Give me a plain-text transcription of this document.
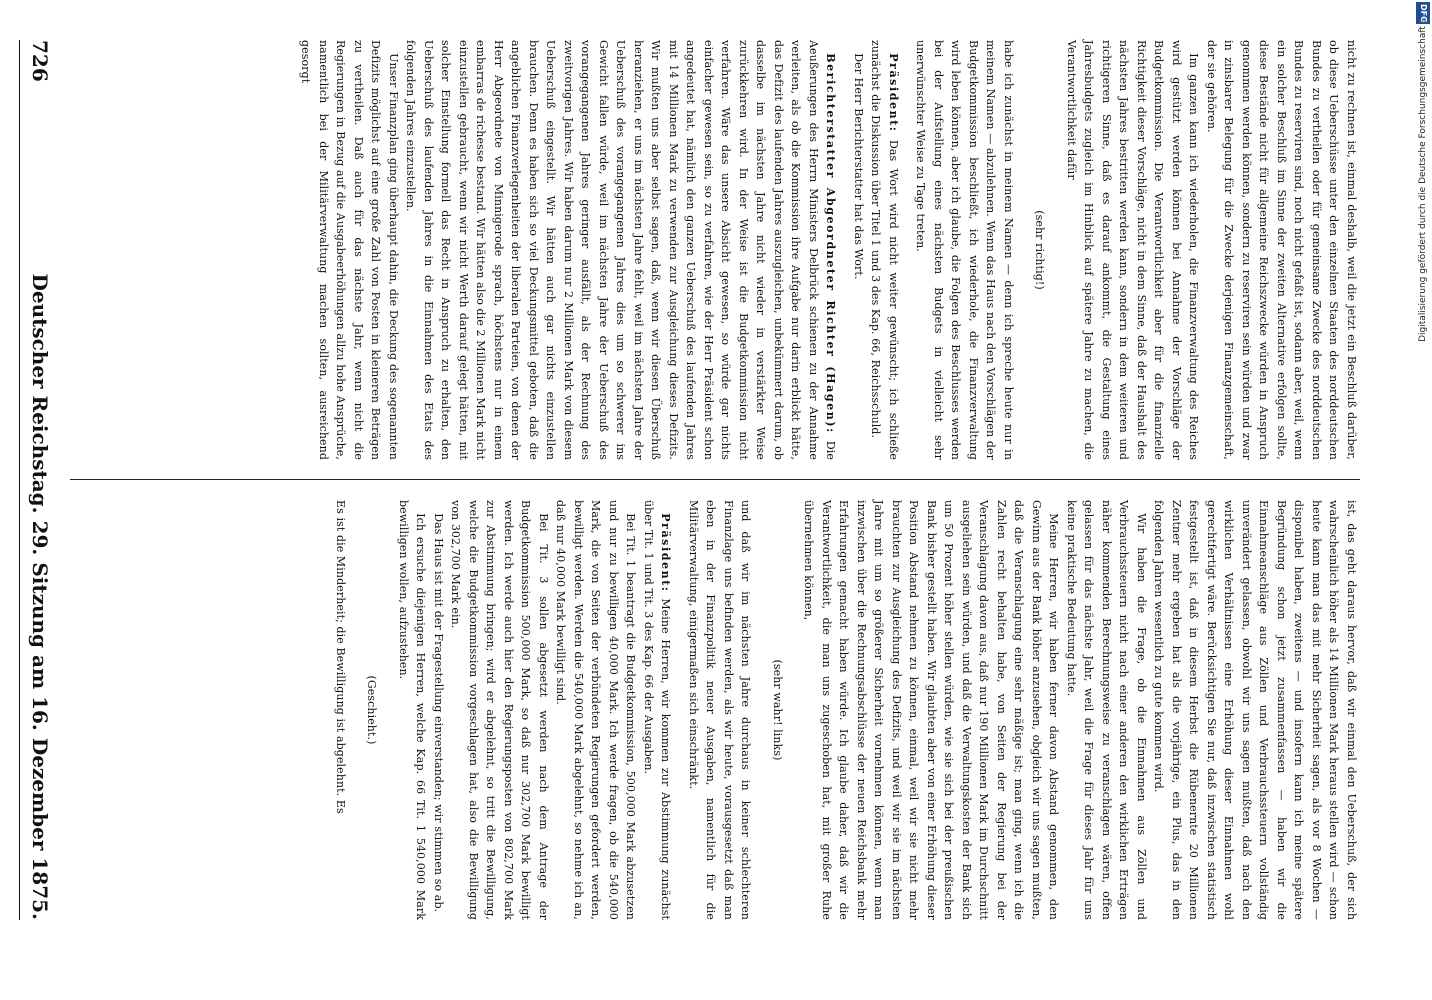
726
Deutscher Reichstag. 29. Sitzung am 16. Dezember 1875.

nicht zu rechnen ist, einmal deshalb, weil die jetzt ein Beschluß darüber, ob diese Ueberschüsse unter den einzelnen Staaten des norddeutschen Bundes zu vertheilen oder für gemeinsame Zwecke des norddeutschen Bundes zu reserviren sind, noch nicht gefaßt ist, sodann aber, weil, wenn ein solcher Beschluß im Sinne der zweiten Alternative erfolgen sollte, diese Bestände nicht für allgemeine Reichszwecke würden in Anspruch genommen werden können, sondern zu reserviren sein würden und zwar in zinsbarer Belegung für die Zwecke derjenigen Finanzgemeinschaft, der sie gehören.

Im ganzen kann ich wiederholen, die Finanzverwaltung des Reiches wird gestützt werden können bei Annahme der Vorschläge der Budgetkommission. Die Verantwortlichkeit aber für die finanzielle Richtigkeit dieser Vorschläge, nicht in dem Sinne, daß der Haushalt des nächsten Jahres bestritten werden kann, sondern in dem weiteren und richtigeren Sinne, daß es darauf ankommt, die Gestaltung eines Jahresbudgets zugleich im Hinblick auf spätere Jahre zu machen, die Verantwortlichkeit dafür

(sehr richtig!)

habe ich zunächst in meinem Namen — denn ich spreche heute nur in meinem Namen — abzulehnen. Wenn das Haus nach den Vorschlägen der Budgetkommission beschließt, ich wiederhole, die Finanzverwaltung wird leben können, aber ich glaube, die Folgen des Beschlusses werden bei der Aufstellung eines nächsten Budgets in vielleicht sehr unerwünschter Weise zu Tage treten.

Präsident: Das Wort wird nicht weiter gewünscht; ich schließe zunächst die Diskussion über Titel 1 und 3 des Kap. 66, Reichsschuld.

Der Herr Berichterstatter hat das Wort.

Berichterstatter Abgeordneter Richter (Hagen): Die Aeußerungen des Herrn Ministers Delbrück schienen zu der Annahme verleiten, als ob die Kommission ihre Aufgabe nur darin erblickt hätte, das Defizit des laufenden Jahres auszugleichen, unbekümmert darum, ob dasselbe im nächsten Jahre nicht wieder in verstärkter Weise zurückkehren wird. In der Weise ist die Budgetkommission nicht verfahren. Wäre das unsere Absicht gewesen, so würde gar nichts einfacher gewesen sein, so zu verfahren, wie der Herr Präsident schon angedeutet hat, nämlich den ganzen Ueberschuß des laufenden Jahres mit 14 Millionen Mark zu verwenden zur Ausgleichung dieses Defizits. Wir mußten uns aber selbst sagen, daß, wenn wir diesen Überschuß heranziehen, er uns im nächsten Jahre fehlt, weil im nächsten Jahre der Ueberschuß des vorangegangenen Jahres dies um so schwerer ins Gewicht fallen würde, weil im nächsten Jahre der Ueberschuß des vorangegangenen Jahres geringer ausfällt, als der Rechnung des zweitvorigen Jahres. Wir haben darum nur 2 Millionen Mark von diesem Ueberschuß eingestellt. Wir hätten auch gar nichts einzustellen brauchen. Denn es haben sich so viel Deckungsmittel geboten, daß die angeblichen Finanzverlegenheiten der liberalen Parteien, von denen der Herr Abgeordnete von Minnigerode sprach, höchstens nur in einem embarras de richesse bestand. Wir hätten also die 2 Millionen Mark nicht einzustellen gebraucht, wenn wir nicht Werth darauf gelegt hätten, mit solcher Einstellung formell das Recht in Anspruch zu erhalten, den Ueberschuß des laufenden Jahres in die Einnahmen des Etats des folgenden Jahres einzustellen.

Unser Finanzplan ging überhaupt dahin, die Deckung des sogenannten Defizits möglichst auf eine große Zahl von Posten in kleineren Beträgen zu vertheilen. Daß auch für das nächste Jahr, wenn nicht die Regierungen in Bezug auf die Ausgabeerhöhungen allzu hohe Ansprüche, namentlich bei der Militärverwaltung machen sollten, ausreichend gesorgt

ist, das geht daraus hervor, daß wir einmal den Ueberschuß, der sich wahrscheinlich höher als 14 Millionen Mark heraus stellen wird — schon heute kann man das mit mehr Sicherheit sagen, als vor 8 Wochen — disponibel haben, zweitens — und insofern kann ich meine spätere Begründung schon jetzt zusammenfassen — haben wir die Einnahmeanschläge aus Zöllen und Verbrauchssteuern vollständig unverändert gelassen, obwohl wir uns sagen mußten, daß nach den wirklichen Verhältnissen eine Erhöhung dieser Einnahmen wohl gerechtfertigt wäre. Berücksichtigen Sie nur, daß inzwischen statistisch festgestellt ist, daß in diesem Herbst die Rübenernte 20 Millionen Zentner mehr ergeben hat als die vorjährige, ein Plus, das in den folgenden Jahren wesentlich zu gute kommen wird.

Wir haben die Frage, ob die Einnahmen aus Zöllen und Verbrauchssteuern nicht nach einer anderen den wirklichen Erträgen näher kommenden Berechnungsweise zu veranschlagen wären, offen gelassen für das nächste Jahr, weil die Frage für dieses Jahr für uns keine praktische Bedeutung hatte.

Meine Herren, wir haben ferner davon Abstand genommen, den Gewinn aus der Bank höher anzusehen, obgleich wir uns sagen mußten, daß die Veranschlagung eine sehr mäßige ist; man ging, wenn ich die Zahlen recht behalten habe, von Seiten der Regierung bei der Veranschlagung davon aus, daß nur 190 Millionen Mark im Durchschnitt ausgeliehen sein würden, und daß die Verwaltungskosten der Bank sich um 50 Prozent höher stellen würden, wie sie sich bei der preußischen Bank bisher gestellt haben. Wir glaubten aber von einer Erhöhung dieser Position Abstand nehmen zu können, einmal, weil wir sie nicht mehr brauchten zur Ausgleichung des Defizits, und weil wir sie im nächsten Jahre mit um so größerer Sicherheit vornehmen können, wenn man inzwischen über die Rechnungsabschlüsse der neuen Reichsbank mehr Erfahrungen gemacht haben würde. Ich glaube daher, daß wir die Verantwortlichkeit, die man uns zugeschoben hat, mit großer Ruhe übernehmen können,

(sehr wahr! links)

und daß wir im nächsten Jahre durchaus in keiner schlechteren Finanzlage uns befinden werden, als wir heute, vorausgesetzt daß man eben in der Finanzpolitik neuer Ausgaben, namentlich für die Militärverwaltung, einigermaßen sich einschränkt.

Präsident: Meine Herren, wir kommen zur Abstimmung zunächst über Tit. 1 und Tit. 3 des Kap. 66 der Ausgaben.

Bei Tit. 1 beantragt die Budgetkommission, 500,000 Mark abzusetzen und nur zu bewilligen 40,000 Mark. Ich werde fragen, ob die 540,000 Mark, die von Seiten der verbündeten Regierungen gefordert werden, bewilligt werden. Werden die 540,000 Mark abgelehnt, so nehme ich an, daß nur 40,000 Mark bewilligt sind.

Bei Tit. 3 sollen abgesetzt werden nach dem Antrage der Budgetkommission 500,000 Mark, so daß nur 302,700 Mark bewilligt werden. Ich werde auch hier den Regierungsposten von 802,700 Mark zur Abstimmung bringen; wird er abgelehnt, so tritt die Bewilligung, welche die Budgetkommission vorgeschlagen hat, also die Bewilligung von 302,700 Mark ein.

Das Haus ist mit der Fragestellung einverstanden; wir stimmen so ab.

Ich ersuche diejenigen Herren, welche Kap. 66 Tit. 1 540,000 Mark bewilligen wollen, aufzustehen.

(Geschieht.)

Es ist die Minderheit; die Bewilligung ist abgelehnt. Es

DFG
Digitalisierung gefördert durch die Deutsche Forschungsgemeinschaft -
